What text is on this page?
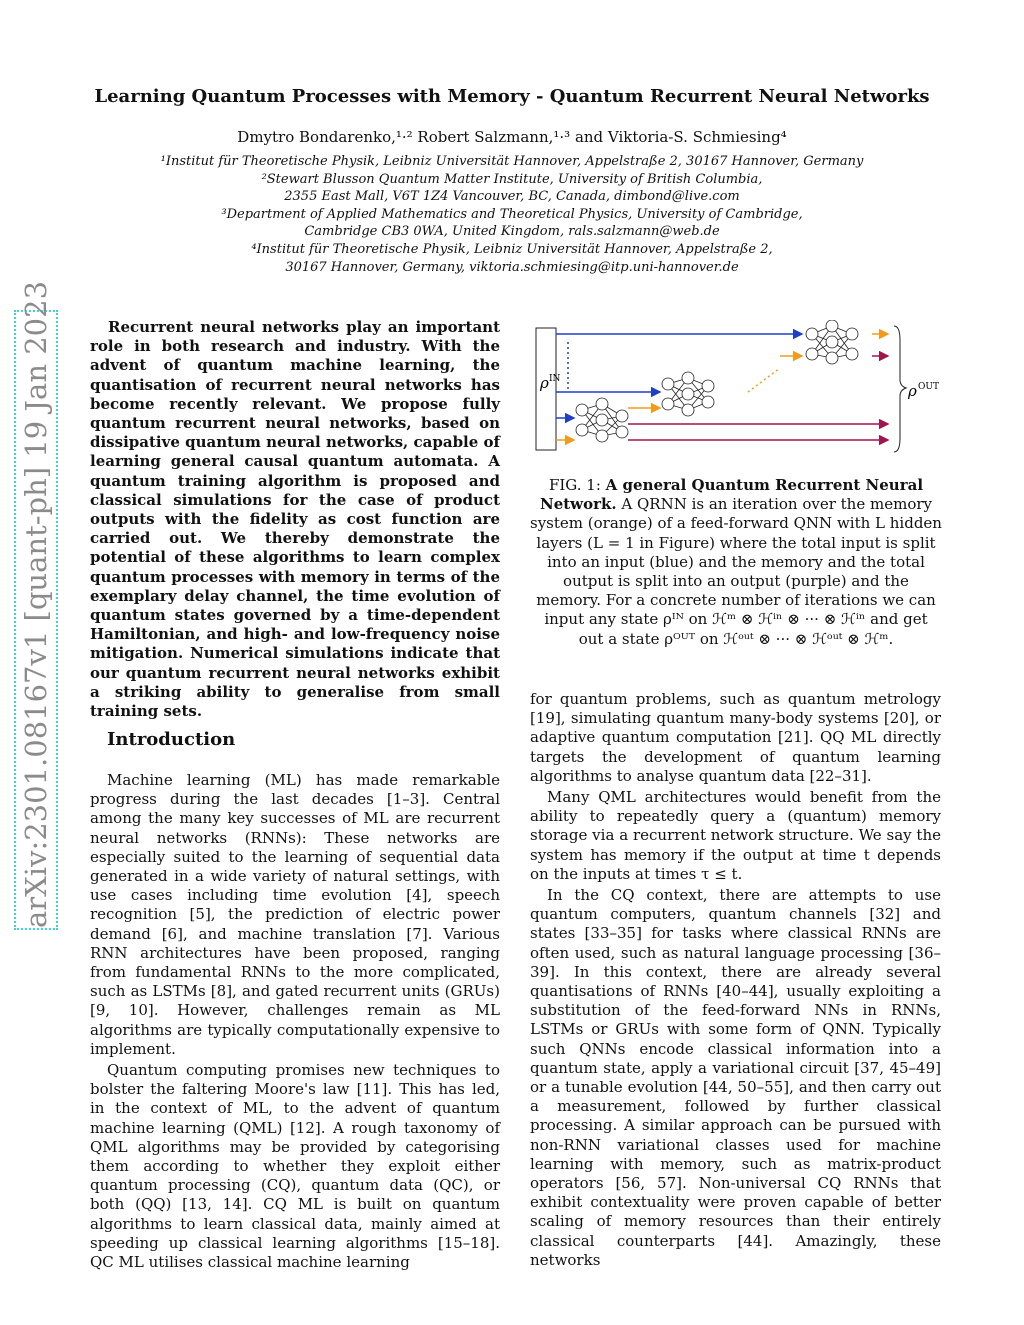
Learning Quantum Processes with Memory - Quantum Recurrent Neural Networks
Dmytro Bondarenko,¹·² Robert Salzmann,¹·³ and Viktoria-S. Schmiesing⁴
¹Institut für Theoretische Physik, Leibniz Universität Hannover, Appelstraße 2, 30167 Hannover, Germany
²Stewart Blusson Quantum Matter Institute, University of British Columbia,
2355 East Mall, V6T 1Z4 Vancouver, BC, Canada, dimbond@live.com
³Department of Applied Mathematics and Theoretical Physics, University of Cambridge,
Cambridge CB3 0WA, United Kingdom, rals.salzmann@web.de
⁴Institut für Theoretische Physik, Leibniz Universität Hannover, Appelstraße 2,
30167 Hannover, Germany, viktoria.schmiesing@itp.uni-hannover.de
arXiv:2301.08167v1 [quant-ph] 19 Jan 2023	Recurrent neural networks play an important role in both research and industry. With the advent of quantum machine learning, the quantisation of recurrent neural networks has become recently relevant. We propose fully quantum recurrent neural networks, based on dissipative quantum neural networks, capable of learning general causal quantum automata. A quantum training algorithm is proposed and classical simulations for the case of product outputs with the fidelity as cost function are carried out. We thereby demonstrate the potential of these algorithms to learn complex quantum processes with memory in terms of the exemplary delay channel, the time evolution of quantum states governed by a time-dependent Hamiltonian, and high- and low-frequency noise mitigation. Numerical simulations indicate that our quantum recurrent neural networks exhibit a striking ability to generalise from small training sets.

ρ IN
ρ OUT

FIG. 1: A general Quantum Recurrent Neural Network. A QRNN is an iteration over the memory system (orange) of a feed-forward QNN with L hidden layers (L = 1 in Figure) where the total input is split into an input (blue) and the memory and the total output is split into an output (purple) and the memory. For a concrete number of iterations we can input any state ρᴵᴺ on ℋᵐ ⊗ ℋⁱⁿ ⊗ ··· ⊗ ℋⁱⁿ and get out a state ρᴼᵁᵀ on ℋᵒᵘᵗ ⊗ ··· ⊗ ℋᵒᵘᵗ ⊗ ℋᵐ.

Introduction

Machine learning (ML) has made remarkable progress during the last decades [1–3]. Central among the many key successes of ML are recurrent neural networks (RNNs): These networks are especially suited to the learning of sequential data generated in a wide variety of natural settings, with use cases including time evolution [4], speech recognition [5], the prediction of electric power demand [6], and machine translation [7]. Various RNN architectures have been proposed, ranging from fundamental RNNs to the more complicated, such as LSTMs [8], and gated recurrent units (GRUs) [9, 10]. However, challenges remain as ML algorithms are typically computationally expensive to implement.

Quantum computing promises new techniques to bolster the faltering Moore's law [11]. This has led, in the context of ML, to the advent of quantum machine learning (QML) [12]. A rough taxonomy of QML algorithms may be provided by categorising them according to whether they exploit either quantum processing (CQ), quantum data (QC), or both (QQ) [13, 14]. CQ ML is built on quantum algorithms to learn classical data, mainly aimed at speeding up classical learning algorithms [15–18]. QC ML utilises classical machine learning

for quantum problems, such as quantum metrology [19], simulating quantum many-body systems [20], or adaptive quantum computation [21]. QQ ML directly targets the development of quantum learning algorithms to analyse quantum data [22–31].

Many QML architectures would benefit from the ability to repeatedly query a (quantum) memory storage via a recurrent network structure. We say the system has memory if the output at time t depends on the inputs at times τ ≤ t.

In the CQ context, there are attempts to use quantum computers, quantum channels [32] and states [33–35] for tasks where classical RNNs are often used, such as natural language processing [36–39]. In this context, there are already several quantisations of RNNs [40–44], usually exploiting a substitution of the feed-forward NNs in RNNs, LSTMs or GRUs with some form of QNN. Typically such QNNs encode classical information into a quantum state, apply a variational circuit [37, 45–49] or a tunable evolution [44, 50–55], and then carry out a measurement, followed by further classical processing. A similar approach can be pursued with non-RNN variational classes used for machine learning with memory, such as matrix-product operators [56, 57]. Non-universal CQ RNNs that exhibit contextuality were proven capable of better scaling of memory resources than their entirely classical counterparts [44]. Amazingly, these networks
